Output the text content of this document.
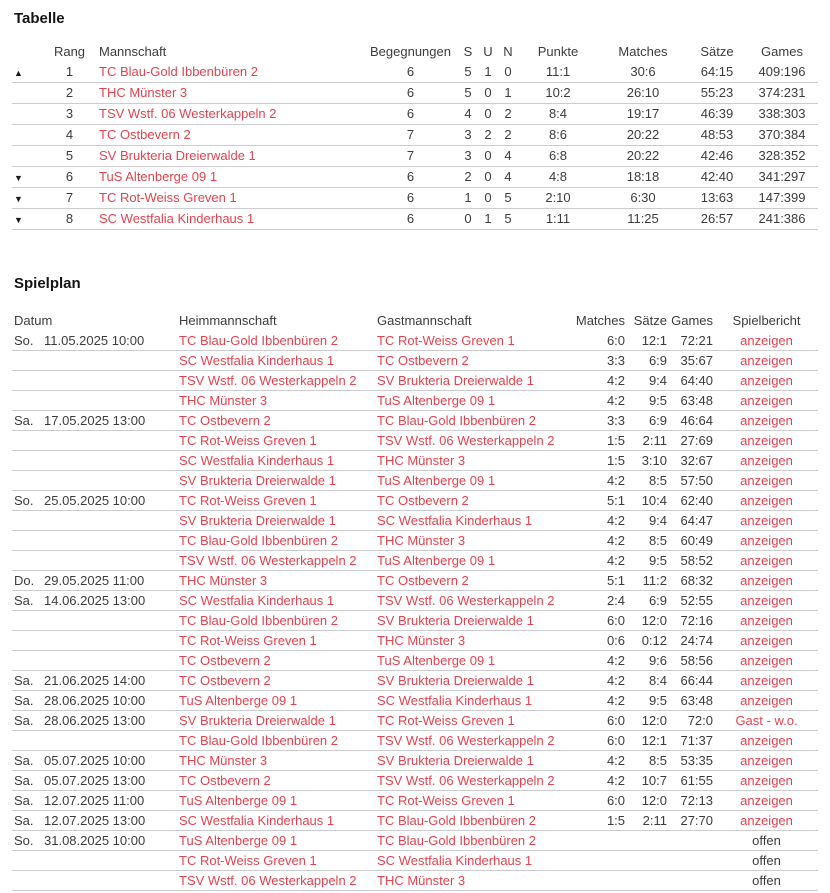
Tabelle
	Rang	Mannschaft	Begegnungen	S	U	N	Punkte	Matches	Sätze	Games
▲	1	TC Blau-Gold Ibbenbüren 2	6	5	1	0	11:1	30:6	64:15	409:196
	2	THC Münster 3	6	5	0	1	10:2	26:10	55:23	374:231
	3	TSV Wstf. 06 Westerkappeln 2	6	4	0	2	8:4	19:17	46:39	338:303
	4	TC Ostbevern 2	7	3	2	2	8:6	20:22	48:53	370:384
	5	SV Brukteria Dreierwalde 1	7	3	0	4	6:8	20:22	42:46	328:352
▼	6	TuS Altenberge 09 1	6	2	0	4	4:8	18:18	42:40	341:297
▼	7	TC Rot-Weiss Greven 1	6	1	0	5	2:10	6:30	13:63	147:399
▼	8	SC Westfalia Kinderhaus 1	6	0	1	5	1:11	11:25	26:57	241:386
Spielplan
Datum		Heimmannschaft	Gastmannschaft	Matches	Sätze	Games	Spielbericht
So.	11.05.2025 10:00	TC Blau-Gold Ibbenbüren 2	TC Rot-Weiss Greven 1	6:0	12:1	72:21	anzeigen
		SC Westfalia Kinderhaus 1	TC Ostbevern 2	3:3	6:9	35:67	anzeigen
		TSV Wstf. 06 Westerkappeln 2	SV Brukteria Dreierwalde 1	4:2	9:4	64:40	anzeigen
		THC Münster 3	TuS Altenberge 09 1	4:2	9:5	63:48	anzeigen
Sa.	17.05.2025 13:00	TC Ostbevern 2	TC Blau-Gold Ibbenbüren 2	3:3	6:9	46:64	anzeigen
		TC Rot-Weiss Greven 1	TSV Wstf. 06 Westerkappeln 2	1:5	2:11	27:69	anzeigen
		SC Westfalia Kinderhaus 1	THC Münster 3	1:5	3:10	32:67	anzeigen
		SV Brukteria Dreierwalde 1	TuS Altenberge 09 1	4:2	8:5	57:50	anzeigen
So.	25.05.2025 10:00	TC Rot-Weiss Greven 1	TC Ostbevern 2	5:1	10:4	62:40	anzeigen
		SV Brukteria Dreierwalde 1	SC Westfalia Kinderhaus 1	4:2	9:4	64:47	anzeigen
		TC Blau-Gold Ibbenbüren 2	THC Münster 3	4:2	8:5	60:49	anzeigen
		TSV Wstf. 06 Westerkappeln 2	TuS Altenberge 09 1	4:2	9:5	58:52	anzeigen
Do.	29.05.2025 11:00	THC Münster 3	TC Ostbevern 2	5:1	11:2	68:32	anzeigen
Sa.	14.06.2025 13:00	SC Westfalia Kinderhaus 1	TSV Wstf. 06 Westerkappeln 2	2:4	6:9	52:55	anzeigen
		TC Blau-Gold Ibbenbüren 2	SV Brukteria Dreierwalde 1	6:0	12:0	72:16	anzeigen
		TC Rot-Weiss Greven 1	THC Münster 3	0:6	0:12	24:74	anzeigen
		TC Ostbevern 2	TuS Altenberge 09 1	4:2	9:6	58:56	anzeigen
Sa.	21.06.2025 14:00	TC Ostbevern 2	SV Brukteria Dreierwalde 1	4:2	8:4	66:44	anzeigen
Sa.	28.06.2025 10:00	TuS Altenberge 09 1	SC Westfalia Kinderhaus 1	4:2	9:5	63:48	anzeigen
Sa.	28.06.2025 13:00	SV Brukteria Dreierwalde 1	TC Rot-Weiss Greven 1	6:0	12:0	72:0	Gast - w.o.
		TC Blau-Gold Ibbenbüren 2	TSV Wstf. 06 Westerkappeln 2	6:0	12:1	71:37	anzeigen
Sa.	05.07.2025 10:00	THC Münster 3	SV Brukteria Dreierwalde 1	4:2	8:5	53:35	anzeigen
Sa.	05.07.2025 13:00	TC Ostbevern 2	TSV Wstf. 06 Westerkappeln 2	4:2	10:7	61:55	anzeigen
Sa.	12.07.2025 11:00	TuS Altenberge 09 1	TC Rot-Weiss Greven 1	6:0	12:0	72:13	anzeigen
Sa.	12.07.2025 13:00	SC Westfalia Kinderhaus 1	TC Blau-Gold Ibbenbüren 2	1:5	2:11	27:70	anzeigen
So.	31.08.2025 10:00	TuS Altenberge 09 1	TC Blau-Gold Ibbenbüren 2				offen
		TC Rot-Weiss Greven 1	SC Westfalia Kinderhaus 1				offen
		TSV Wstf. 06 Westerkappeln 2	THC Münster 3				offen
